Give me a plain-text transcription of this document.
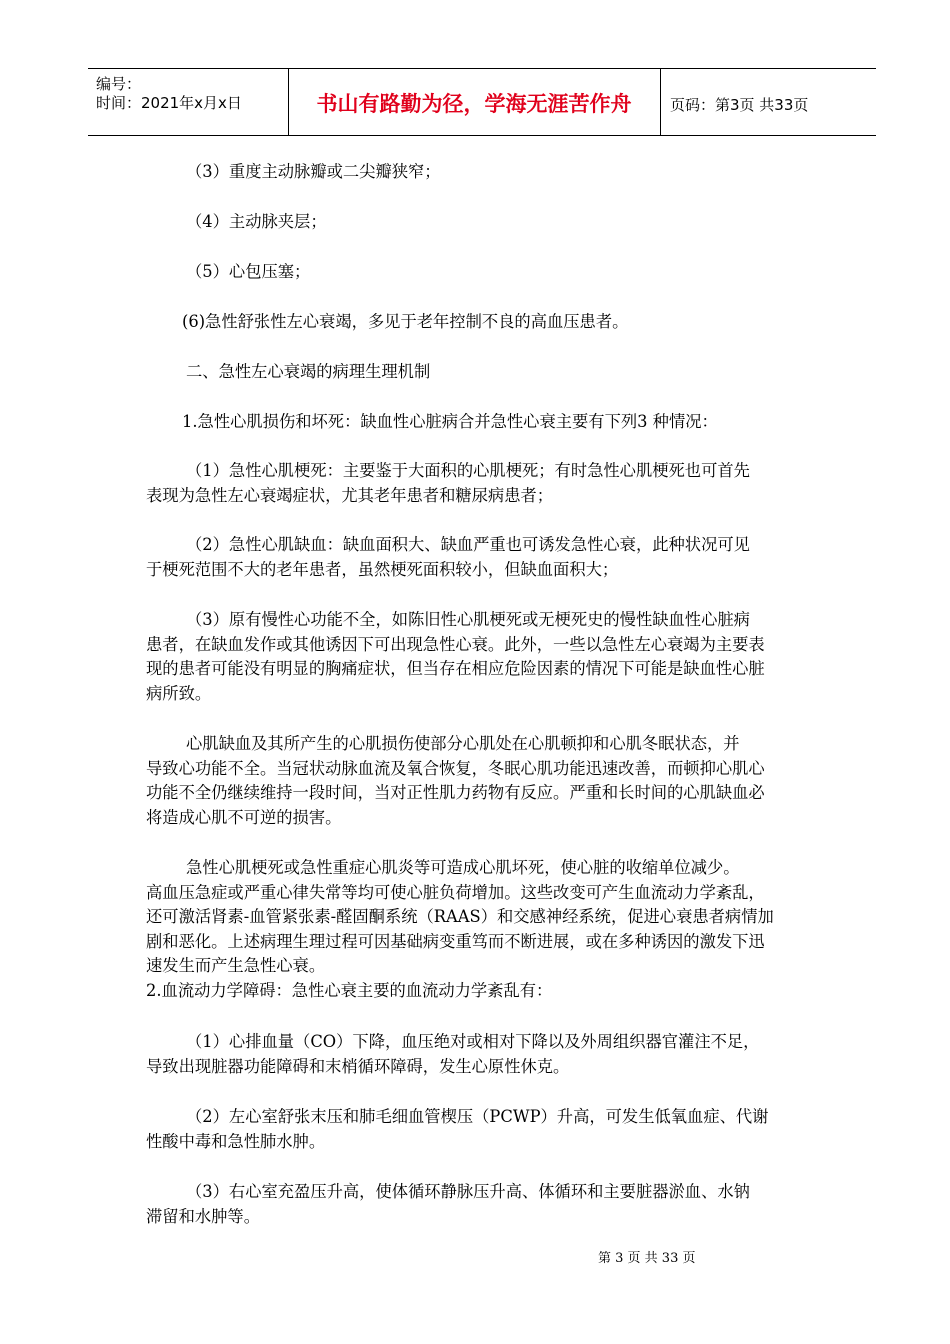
编号：
时间：2021年x月x日	书山有路勤为径，学海无涯苦作舟	页码：第3页 共33页
（3）重度主动脉瓣或二尖瓣狭窄；
（4）主动脉夹层；
（5）心包压塞；
(6)急性舒张性左心衰竭，多见于老年控制不良的高血压患者。
二、急性左心衰竭的病理生理机制
1.急性心肌损伤和坏死：缺血性心脏病合并急性心衰主要有下列3 种情况：
（1）急性心肌梗死：主要鉴于大面积的心肌梗死；有时急性心肌梗死也可首先
表现为急性左心衰竭症状，尤其老年患者和糖尿病患者；
（2）急性心肌缺血：缺血面积大、缺血严重也可诱发急性心衰，此种状况可见
于梗死范围不大的老年患者，虽然梗死面积较小，但缺血面积大；
（3）原有慢性心功能不全，如陈旧性心肌梗死或无梗死史的慢性缺血性心脏病
患者，在缺血发作或其他诱因下可出现急性心衰。此外，一些以急性左心衰竭为主要表
现的患者可能没有明显的胸痛症状，但当存在相应危险因素的情况下可能是缺血性心脏
病所致。
心肌缺血及其所产生的心肌损伤使部分心肌处在心肌顿抑和心肌冬眠状态，并
导致心功能不全。当冠状动脉血流及氧合恢复，冬眠心肌功能迅速改善，而顿抑心肌心
功能不全仍继续维持一段时间，当对正性肌力药物有反应。严重和长时间的心肌缺血必
将造成心肌不可逆的损害。
急性心肌梗死或急性重症心肌炎等可造成心肌坏死，使心脏的收缩单位减少。
高血压急症或严重心律失常等均可使心脏负荷增加。这些改变可产生血流动力学紊乱，
还可激活肾素-血管紧张素-醛固酮系统（RAAS）和交感神经系统，促进心衰患者病情加
剧和恶化。上述病理生理过程可因基础病变重笃而不断进展，或在多种诱因的激发下迅
速发生而产生急性心衰。
2.血流动力学障碍：急性心衰主要的血流动力学紊乱有：
（1）心排血量（CO）下降，血压绝对或相对下降以及外周组织器官灌注不足，
导致出现脏器功能障碍和末梢循环障碍，发生心原性休克。
（2）左心室舒张末压和肺毛细血管楔压（PCWP）升高，可发生低氧血症、代谢
性酸中毒和急性肺水肿。
（3）右心室充盈压升高，使体循环静脉压升高、体循环和主要脏器淤血、水钠
滞留和水肿等。
第 3 页 共 33 页
